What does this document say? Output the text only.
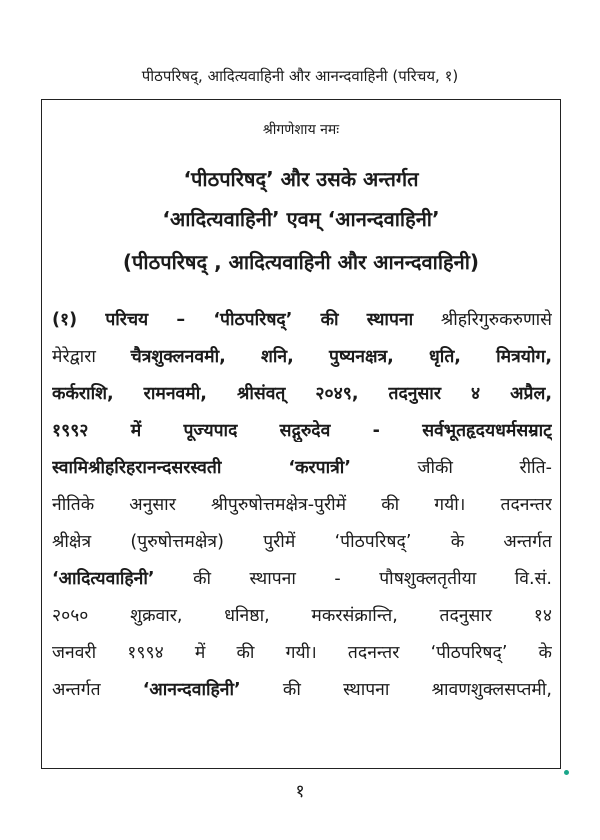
पीठपरिषद्, आदित्यवाहिनी और आनन्दवाहिनी (परिचय, १)
श्रीगणेशाय नमः
‘पीठपरिषद्’ और उसके अन्तर्गत
‘आदित्यवाहिनी’ एवम् ‘आनन्दवाहिनी’
(पीठपरिषद् , आदित्यवाहिनी और आनन्दवाहिनी)
(१) परिचय – ‘पीठपरिषद्’ की स्थापना श्रीहरिगुरुकरुणासे
मेरेद्वारा चैत्रशुक्लनवमी, शनि, पुष्यनक्षत्र, धृति, मित्रयोग,
कर्कराशि, रामनवमी, श्रीसंवत् २०४९, तदनुसार ४ अप्रैल,
१९९२ में पूज्यपाद सद्गुरुदेव - सर्वभूतहृदयधर्मसम्राट्
स्वामिश्रीहरिहरानन्दसरस्वती ‘करपात्री’ जीकी रीति-
नीतिके अनुसार श्रीपुरुषोत्तमक्षेत्र-पुरीमें की गयी। तदनन्तर
श्रीक्षेत्र (पुरुषोत्तमक्षेत्र) पुरीमें ‘पीठपरिषद्’ के अन्तर्गत
‘आदित्यवाहिनी’ की स्थापना - पौषशुक्लतृतीया वि.सं.
२०५० शुक्रवार, धनिष्ठा, मकरसंक्रान्ति, तदनुसार १४
जनवरी १९९४ में की गयी। तदनन्तर ‘पीठपरिषद्’ के
अन्तर्गत ‘आनन्दवाहिनी’ की स्थापना श्रावणशुक्लसप्तमी,
१
